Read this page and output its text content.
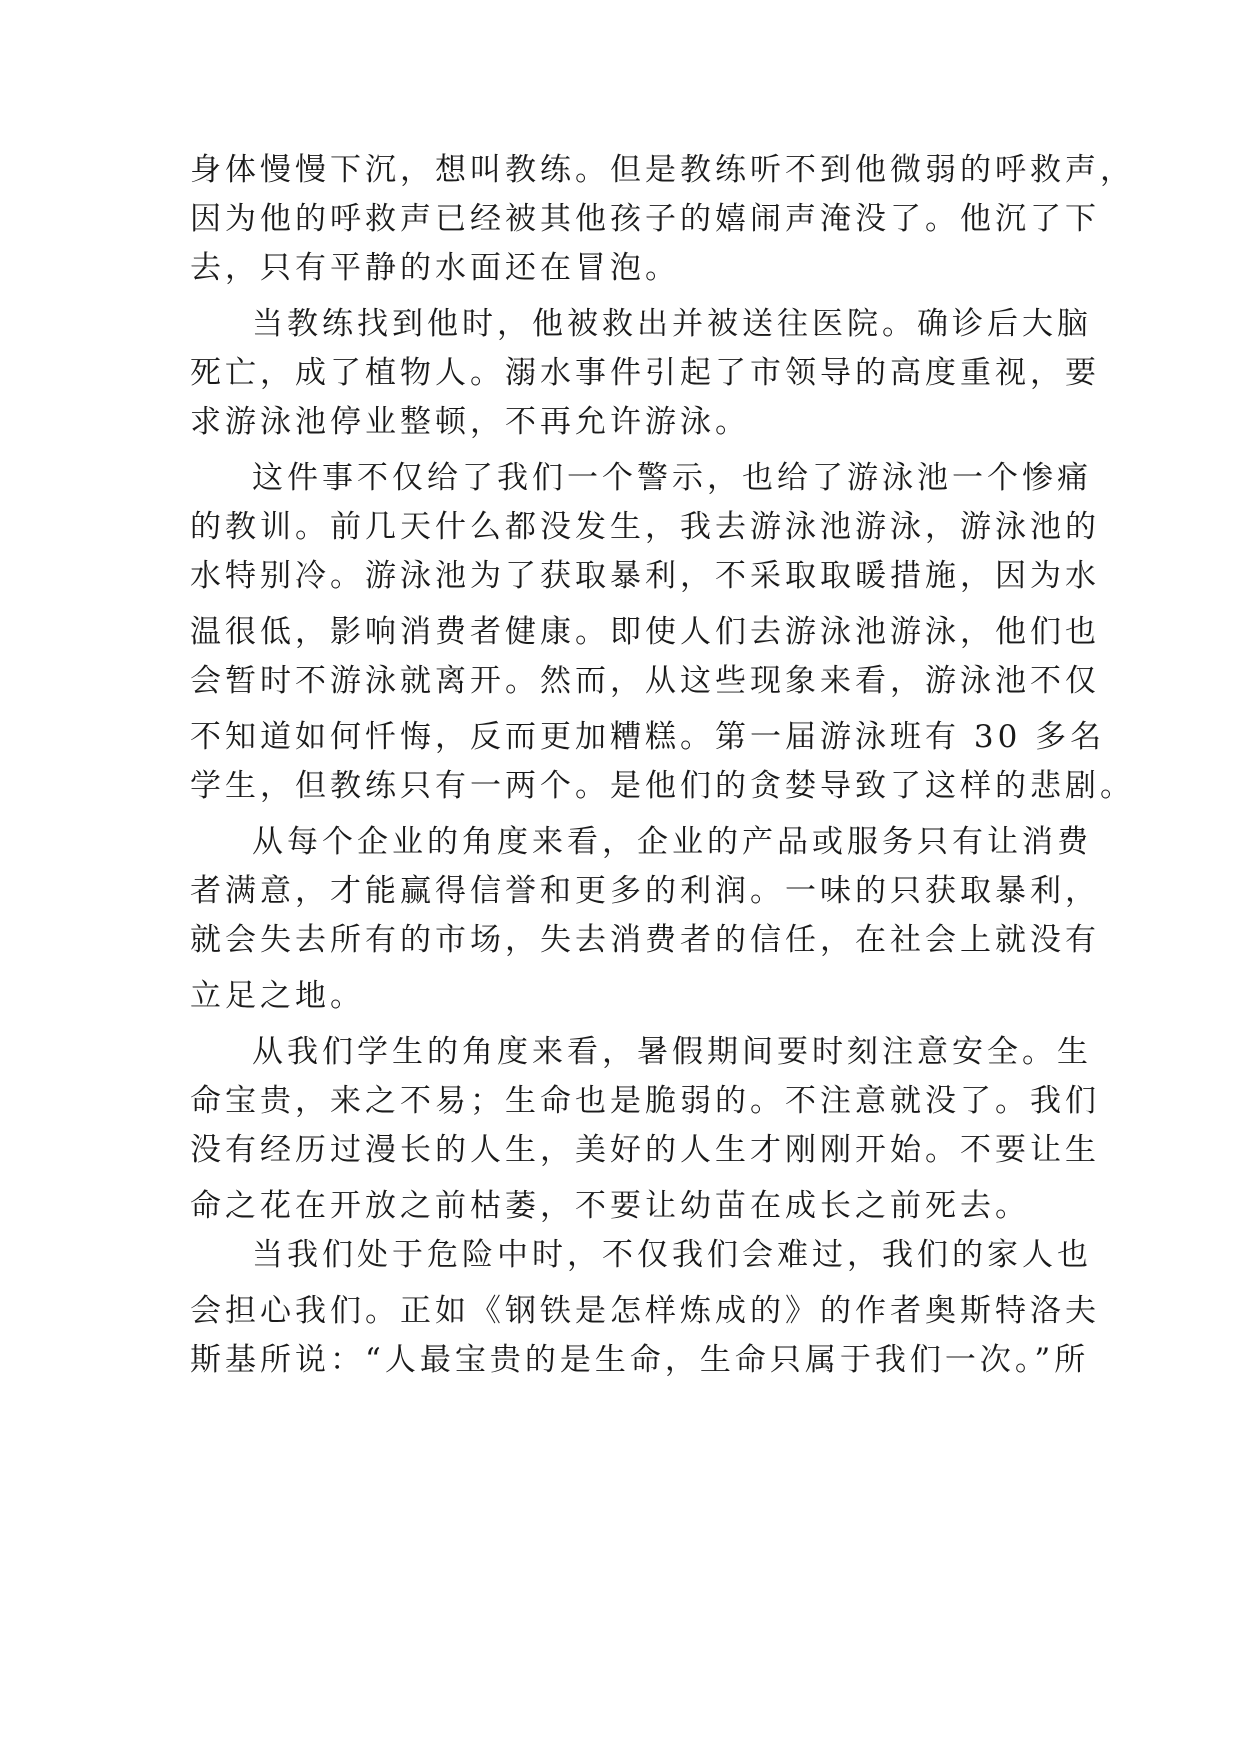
身体慢慢下沉，想叫教练。但是教练听不到他微弱的呼救声，
因为他的呼救声已经被其他孩子的嬉闹声淹没了。他沉了下
去，只有平静的水面还在冒泡。
当教练找到他时，他被救出并被送往医院。确诊后大脑
死亡，成了植物人。溺水事件引起了市领导的高度重视，要
求游泳池停业整顿，不再允许游泳。
这件事不仅给了我们一个警示，也给了游泳池一个惨痛
的教训。前几天什么都没发生，我去游泳池游泳，游泳池的
水特别冷。游泳池为了获取暴利，不采取取暖措施，因为水
温很低，影响消费者健康。即使人们去游泳池游泳，他们也
会暂时不游泳就离开。然而，从这些现象来看，游泳池不仅
不知道如何忏悔，反而更加糟糕。第一届游泳班有 30 多名
学生，但教练只有一两个。是他们的贪婪导致了这样的悲剧。
从每个企业的角度来看，企业的产品或服务只有让消费
者满意，才能赢得信誉和更多的利润。一味的只获取暴利，
就会失去所有的市场，失去消费者的信任，在社会上就没有
立足之地。
从我们学生的角度来看，暑假期间要时刻注意安全。生
命宝贵，来之不易；生命也是脆弱的。不注意就没了。我们
没有经历过漫长的人生，美好的人生才刚刚开始。不要让生
命之花在开放之前枯萎，不要让幼苗在成长之前死去。
当我们处于危险中时，不仅我们会难过，我们的家人也
会担心我们。正如《钢铁是怎样炼成的》的作者奥斯特洛夫
斯基所说：“人最宝贵的是生命，生命只属于我们一次。”所
